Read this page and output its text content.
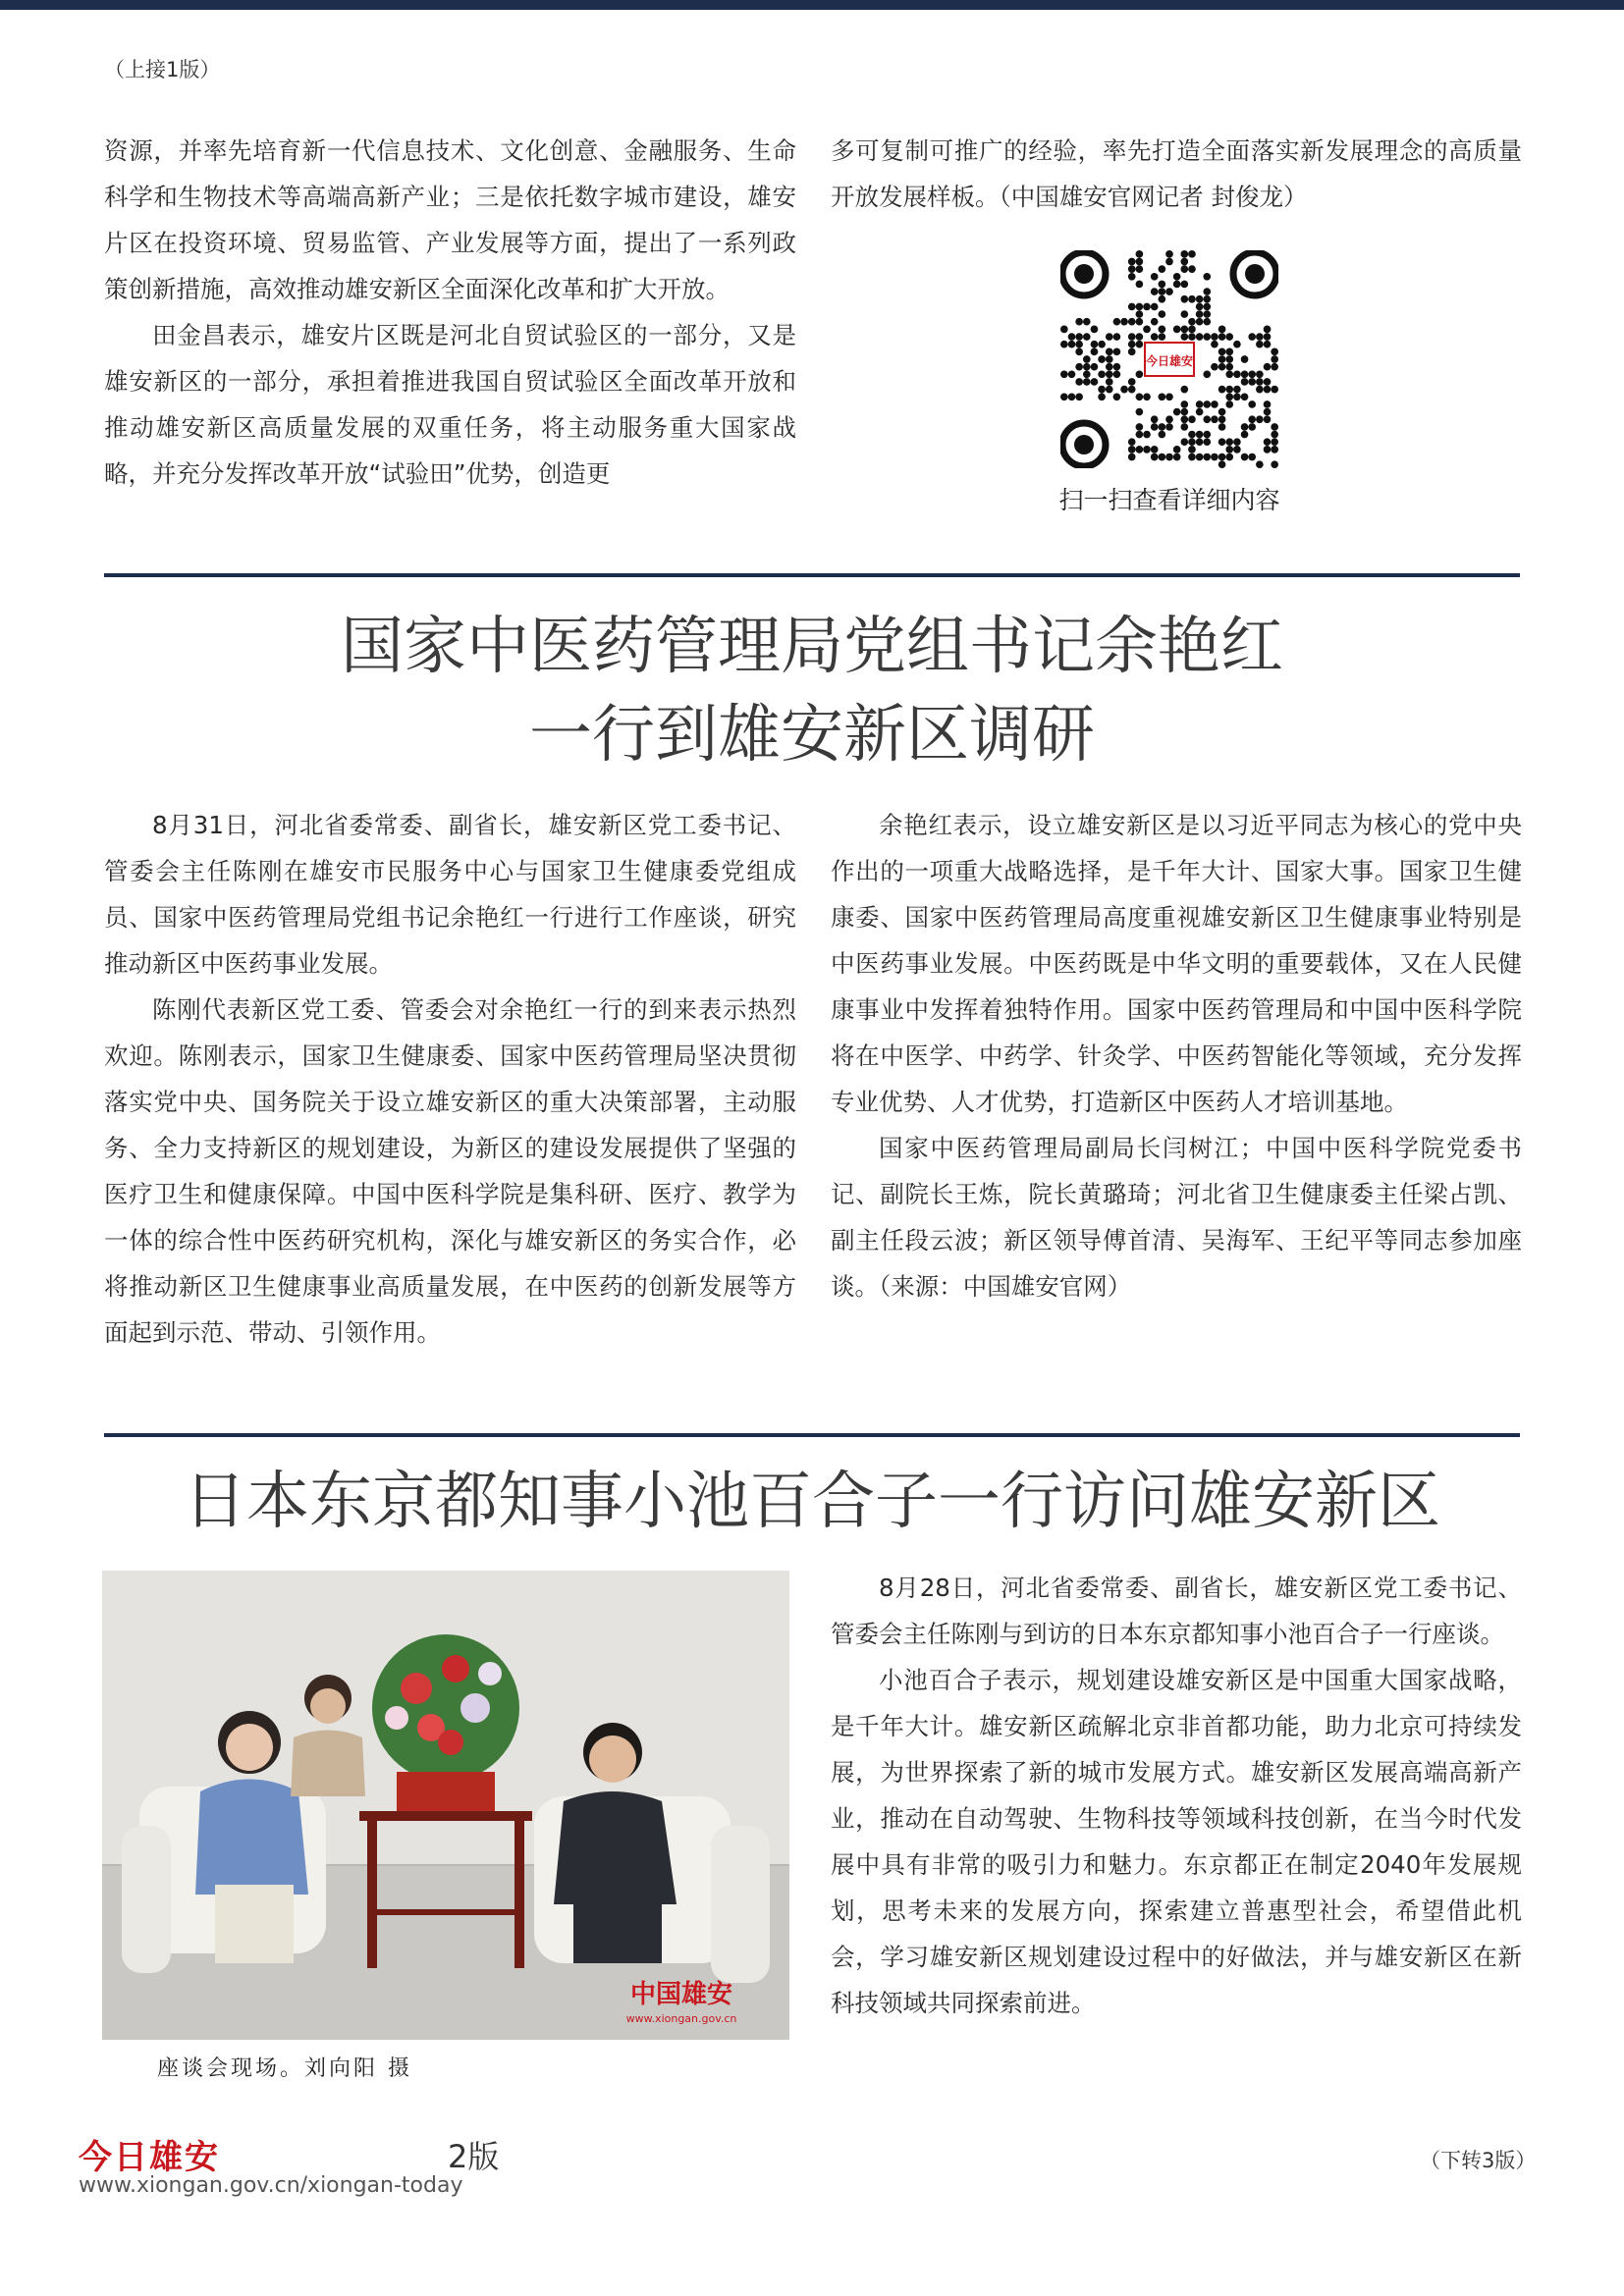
（上接1版）

资源，并率先培育新一代信息技术、文化创意、金融服务、生命科学和生物技术等高端高新产业；三是依托数字城市建设，雄安片区在投资环境、贸易监管、产业发展等方面，提出了一系列政策创新措施，高效推动雄安新区全面深化改革和扩大开放。

田金昌表示，雄安片区既是河北自贸试验区的一部分，又是雄安新区的一部分，承担着推进我国自贸试验区全面改革开放和推动雄安新区高质量发展的双重任务，将主动服务重大国家战略，并充分发挥改革开放“试验田”优势，创造更

多可复制可推广的经验，率先打造全面落实新发展理念的高质量开放发展样板。（中国雄安官网记者 封俊龙）

今日雄安
扫一扫查看详细内容
国家中医药管理局党组书记余艳红
一行到雄安新区调研

8月31日，河北省委常委、副省长，雄安新区党工委书记、管委会主任陈刚在雄安市民服务中心与国家卫生健康委党组成员、国家中医药管理局党组书记余艳红一行进行工作座谈，研究推动新区中医药事业发展。

陈刚代表新区党工委、管委会对余艳红一行的到来表示热烈欢迎。陈刚表示，国家卫生健康委、国家中医药管理局坚决贯彻落实党中央、国务院关于设立雄安新区的重大决策部署，主动服务、全力支持新区的规划建设，为新区的建设发展提供了坚强的医疗卫生和健康保障。中国中医科学院是集科研、医疗、教学为一体的综合性中医药研究机构，深化与雄安新区的务实合作，必将推动新区卫生健康事业高质量发展，在中医药的创新发展等方面起到示范、带动、引领作用。

余艳红表示，设立雄安新区是以习近平同志为核心的党中央作出的一项重大战略选择，是千年大计、国家大事。国家卫生健康委、国家中医药管理局高度重视雄安新区卫生健康事业特别是中医药事业发展。中医药既是中华文明的重要载体，又在人民健康事业中发挥着独特作用。国家中医药管理局和中国中医科学院将在中医学、中药学、针灸学、中医药智能化等领域，充分发挥专业优势、人才优势，打造新区中医药人才培训基地。

国家中医药管理局副局长闫树江；中国中医科学院党委书记、副院长王炼，院长黄璐琦；河北省卫生健康委主任梁占凯、副主任段云波；新区领导傅首清、吴海军、王纪平等同志参加座谈。（来源：中国雄安官网）

日本东京都知事小池百合子一行访问雄安新区
中国雄安
www.xiongan.gov.cn
座谈会现场。刘向阳 摄

8月28日，河北省委常委、副省长，雄安新区党工委书记、管委会主任陈刚与到访的日本东京都知事小池百合子一行座谈。

小池百合子表示，规划建设雄安新区是中国重大国家战略，是千年大计。雄安新区疏解北京非首都功能，助力北京可持续发展，为世界探索了新的城市发展方式。雄安新区发展高端高新产业，推动在自动驾驶、生物科技等领域科技创新，在当今时代发展中具有非常的吸引力和魅力。东京都正在制定2040年发展规划，思考未来的发展方向，探索建立普惠型社会，希望借此机会，学习雄安新区规划建设过程中的好做法，并与雄安新区在新科技领域共同探索前进。

今日雄安	2版
www.xiongan.gov.cn/xiongan-today
（下转3版）
